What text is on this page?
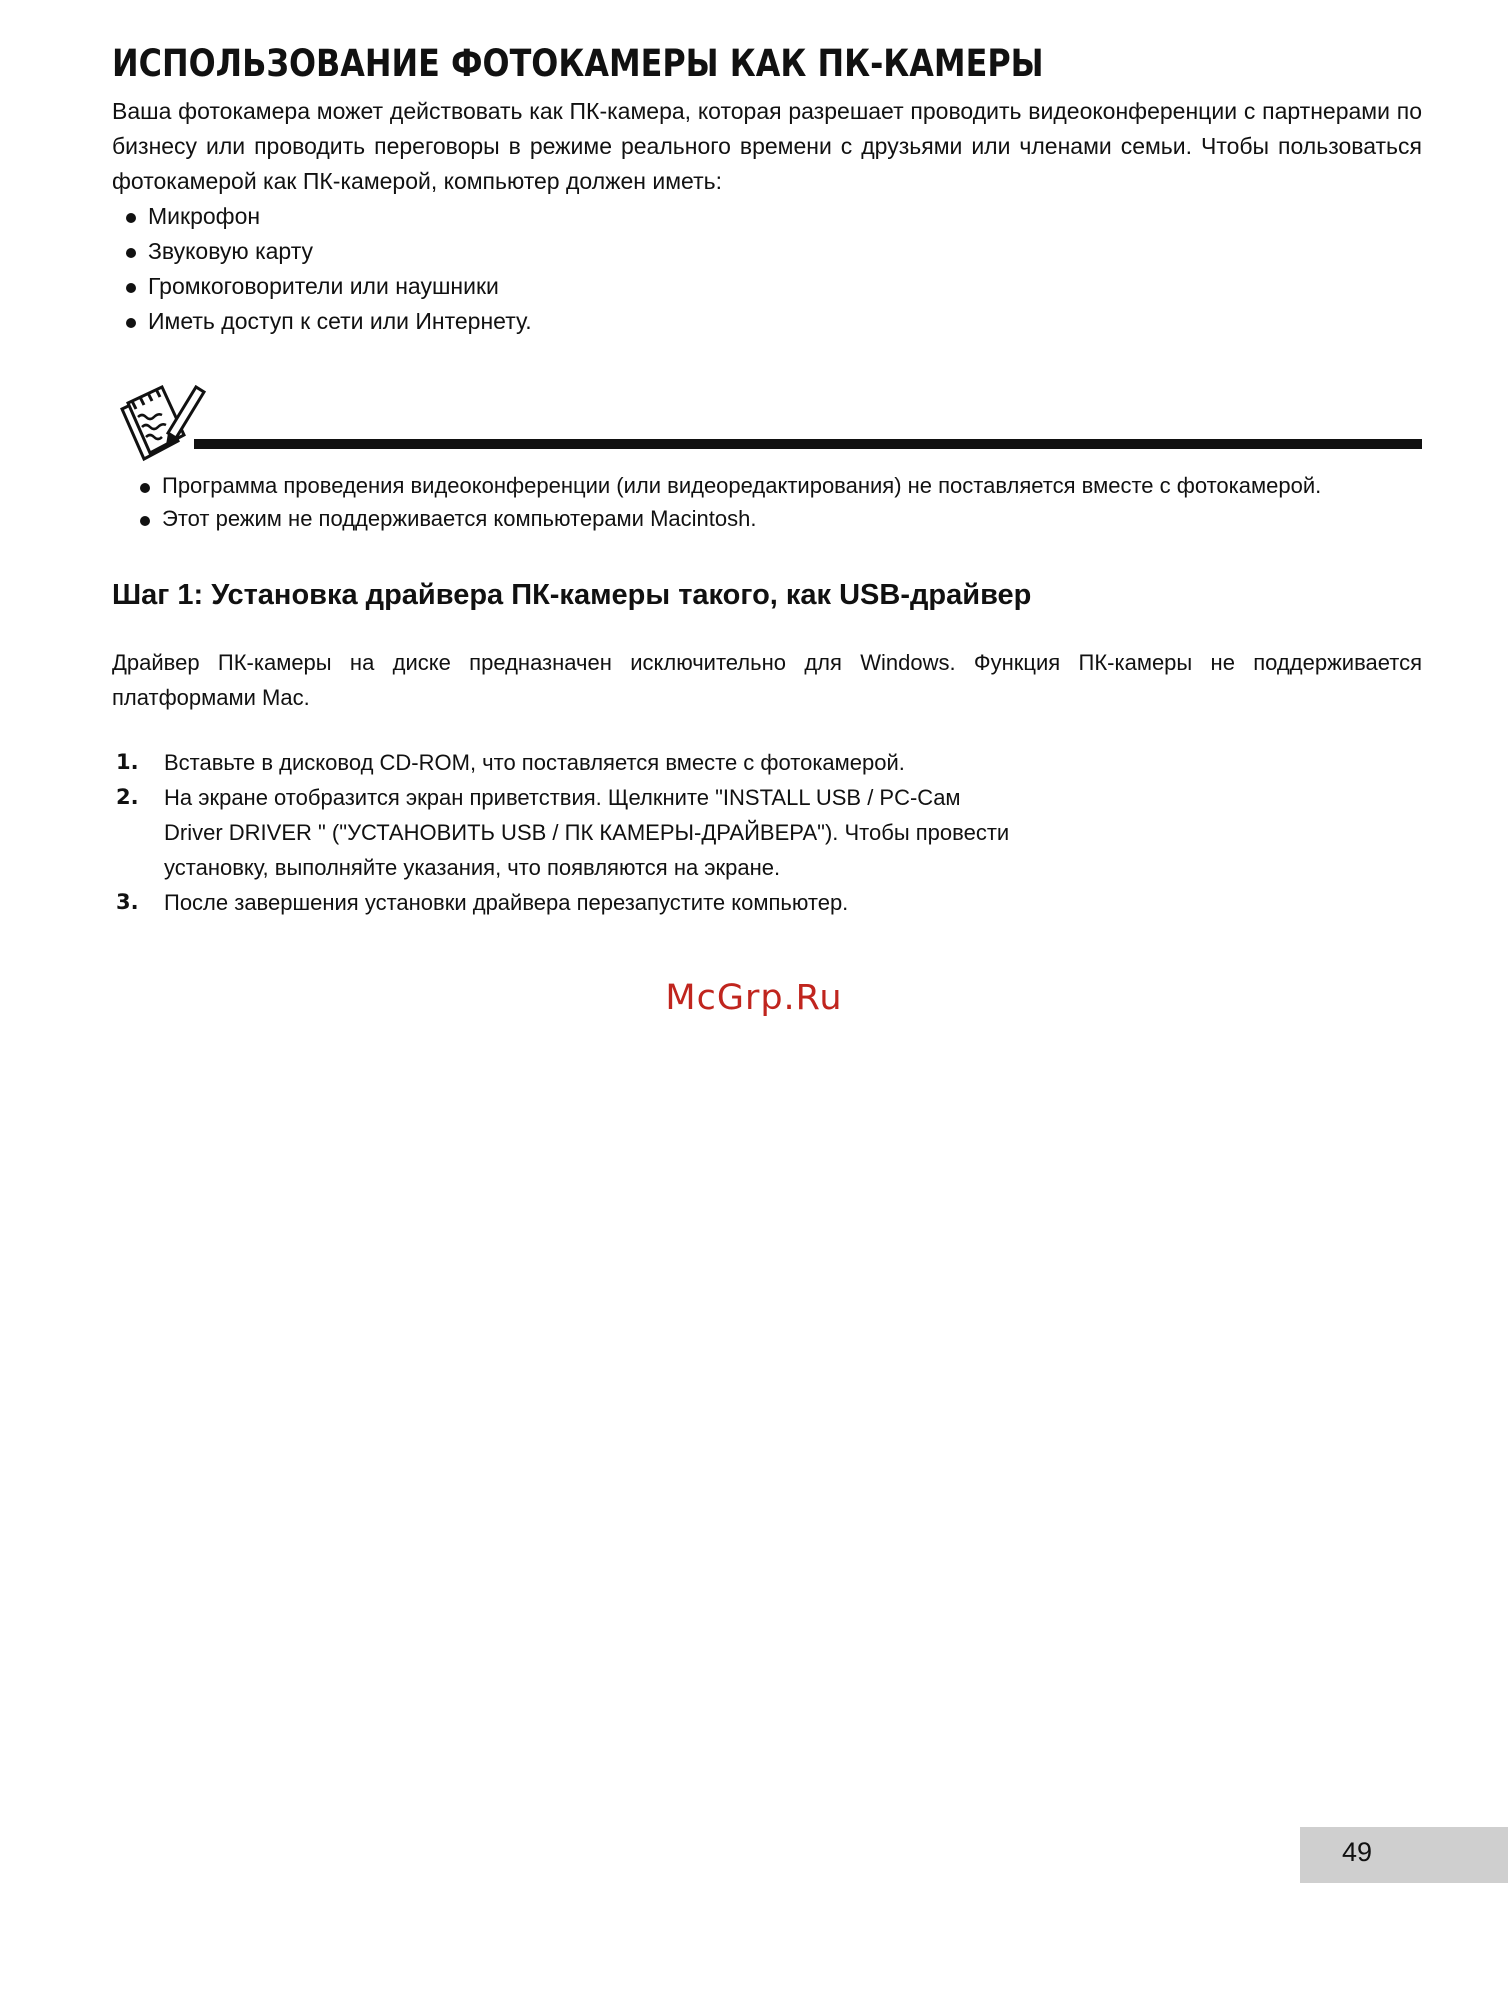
ИСПОЛЬЗОВАНИЕ ФОТОКАМЕРЫ КАК ПК-КАМЕРЫ

Ваша фотокамера может действовать как ПК-камера, которая разрешает проводить видеоконференции с партнерами по бизнесу или проводить переговоры в режиме реального времени с друзьями или членами семьи. Чтобы пользоваться фотокамерой как ПК-камерой, компьютер должен иметь:

Микрофон
Звуковую карту
Громкоговорители или наушники
Иметь доступ к сети или Интернету.
Программа проведения видеоконференции (или видеоредактирования) не поставляется вместе с фотокамерой.
Этот режим не поддерживается компьютерами Macintosh.
Шаг 1: Установка драйвера ПК-камеры такого, как USB-драйвер

Драйвер ПК-камеры на диске предназначен исключительно для Windows. Функция ПК-камеры не поддерживается платформами Mac.

1. Вставьте в дисковод CD-ROM, что поставляется вместе с фотокамерой.
2. На экране отобразится экран приветствия. Щелкните "INSTALL USB / PC-Cам Driver DRIVER " ("УСТАНОВИТЬ USB / ПК КАМЕРЫ-ДРАЙВЕРА"). Чтобы провести установку, выполняйте указания, что появляются на экране.
3. После завершения установки драйвера перезапустите компьютер.
McGrp.Ru
49
